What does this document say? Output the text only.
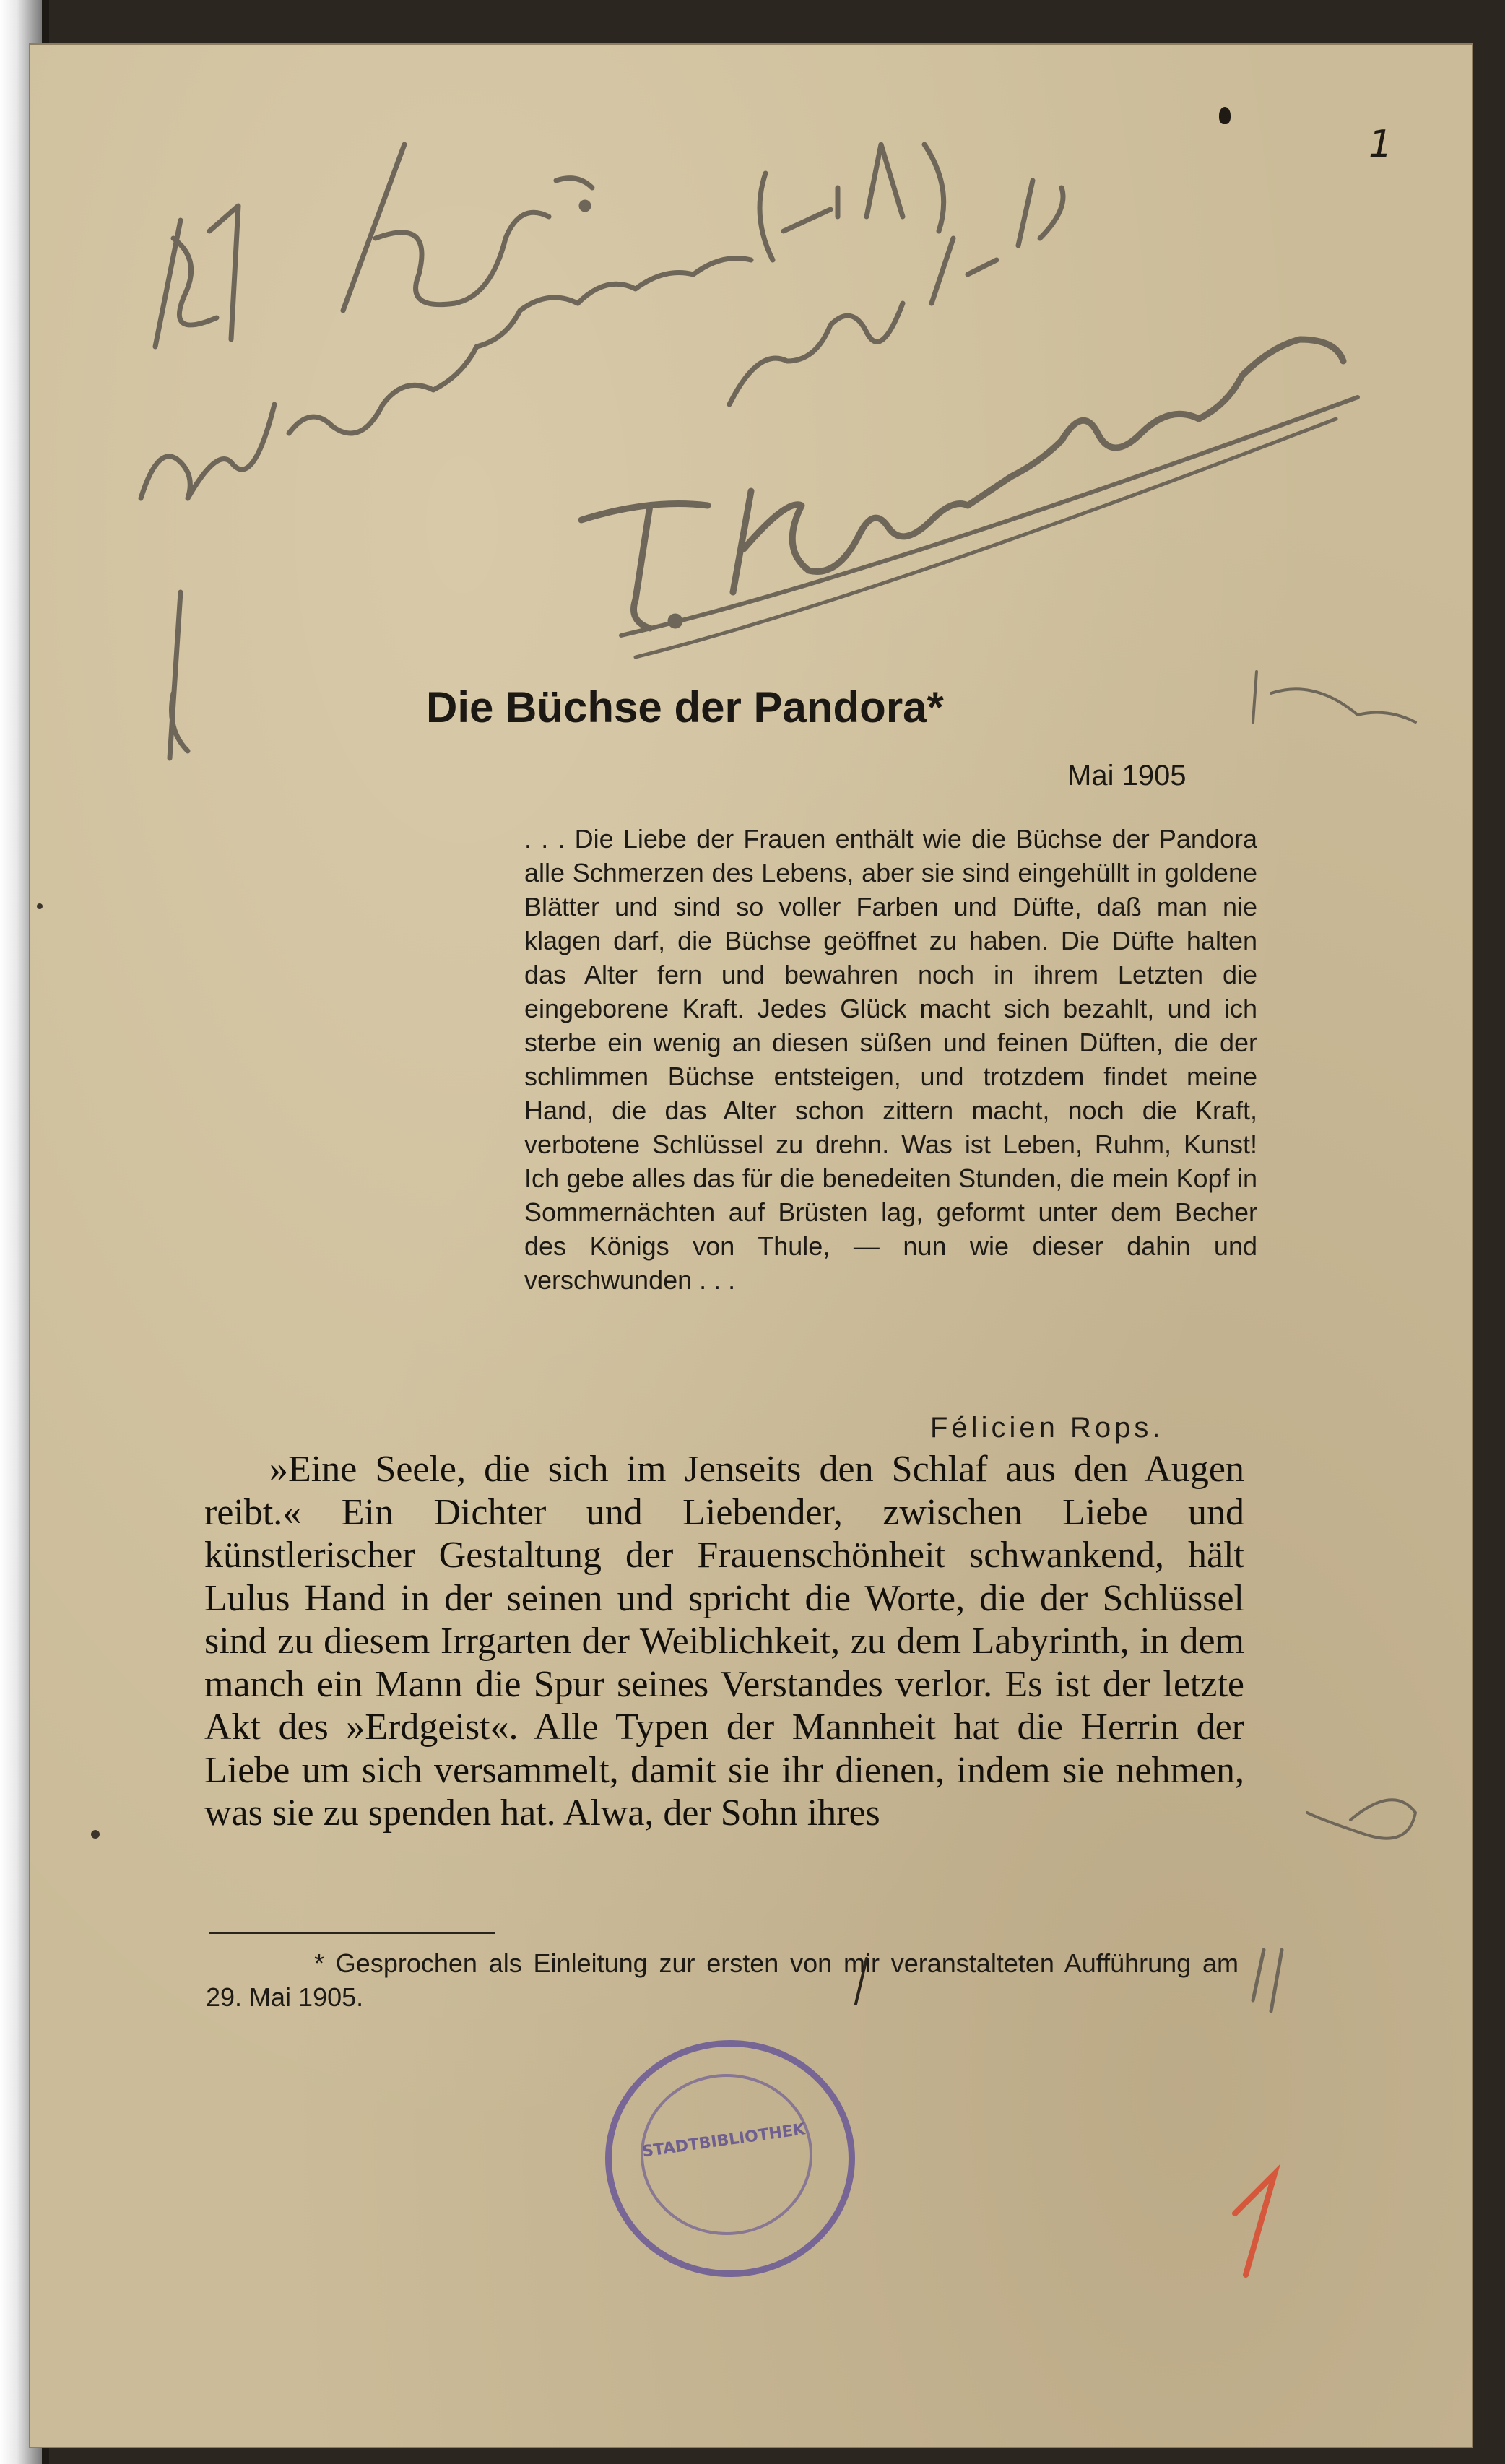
1
Die Büchse der Pandora*
Mai 1905

. . . Die Liebe der Frauen enthält wie die Büchse der Pandora alle Schmerzen des Lebens, aber sie sind eingehüllt in goldene Blätter und sind so voller Farben und Düfte, daß man nie klagen darf, die Büchse geöffnet zu haben. Die Düfte halten das Alter fern und bewahren noch in ihrem Letzten die eingeborene Kraft. Jedes Glück macht sich bezahlt, und ich sterbe ein wenig an diesen süßen und feinen Düften, die der schlimmen Büchse entsteigen, und trotzdem findet meine Hand, die das Alter schon zittern macht, noch die Kraft, verbotene Schlüssel zu drehn. Was ist Leben, Ruhm, Kunst! Ich gebe alles das für die benedeiten Stunden, die mein Kopf in Sommernächten auf Brüsten lag, geformt unter dem Becher des Königs von Thule, — nun wie dieser dahin und verschwunden . . .

Félicien Rops.

»Eine Seele, die sich im Jenseits den Schlaf aus den Augen reibt.« Ein Dichter und Liebender, zwischen Liebe und künstlerischer Gestaltung der Frauenschönheit schwankend, hält Lulus Hand in der seinen und spricht die Worte, die der Schlüssel sind zu diesem Irrgarten der Weiblichkeit, zu dem Labyrinth, in dem manch ein Mann die Spur seines Verstandes verlor. Es ist der letzte Akt des »Erdgeist«. Alle Typen der Mannheit hat die Herrin der Liebe um sich versammelt, damit sie ihr dienen, indem sie nehmen, was sie zu spenden hat. Alwa, der Sohn ihres

* Gesprochen als Einleitung zur ersten von mir veranstalteten Aufführung am 29. Mai 1905.

STADTBIBLIOTHEK
